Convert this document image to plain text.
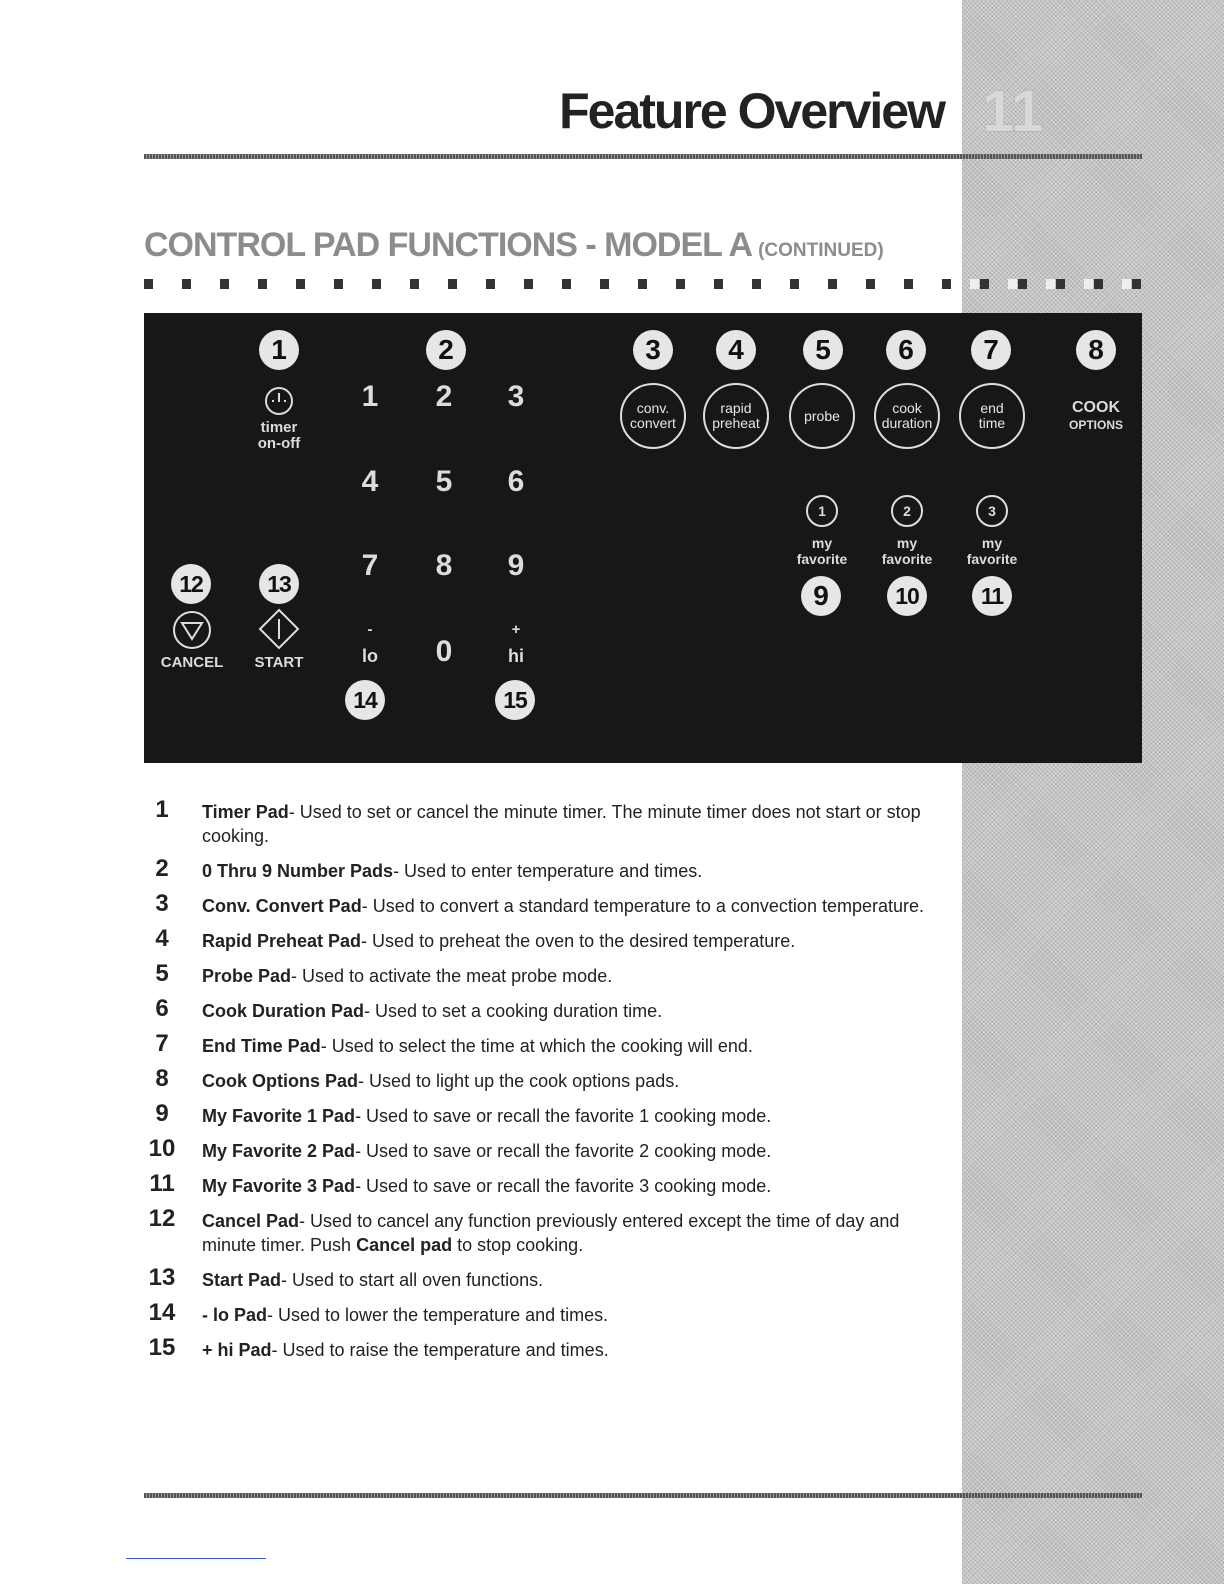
Feature Overview 11
CONTROL PAD FUNCTIONS - MODEL A (CONTINUED)
1	2	3	4	5	6	7	8
9	10	11
12	13
14	15
timer
on-off
1 2 3
4 5 6
7 8 9
0
-
lo
+
hi
CANCEL	START
conv.
convert
rapid
preheat	probe	cook
duration
end
time
COOK
OPTIONS
1	2	3
my
favorite
my
favorite
my
favorite
1	Timer Pad- Used to set or cancel the minute timer. The minute timer does not start or stop cooking.
2	0 Thru 9 Number Pads- Used to enter temperature and times.
3	Conv. Convert Pad- Used to convert a standard temperature to a convection temperature.
4	Rapid Preheat Pad- Used to preheat the oven to the desired temperature.
5	Probe Pad- Used to activate the meat probe mode.
6	Cook Duration Pad- Used to set a cooking duration time.
7	End Time Pad- Used to select the time at which the cooking will end.
8	Cook Options Pad- Used to light up the cook options pads.
9	My Favorite 1 Pad- Used to save or recall the favorite 1 cooking mode.
10	My Favorite 2 Pad- Used to save or recall the favorite 2 cooking mode.
11	My Favorite 3 Pad- Used to save or recall the favorite 3 cooking mode.
12	Cancel Pad- Used to cancel any function previously entered except the time of day and minute timer. Push Cancel pad to stop cooking.
13	Start Pad- Used to start all oven functions.
14	- lo Pad- Used to lower the temperature and times.
15	+ hi Pad- Used to raise the temperature and times.
